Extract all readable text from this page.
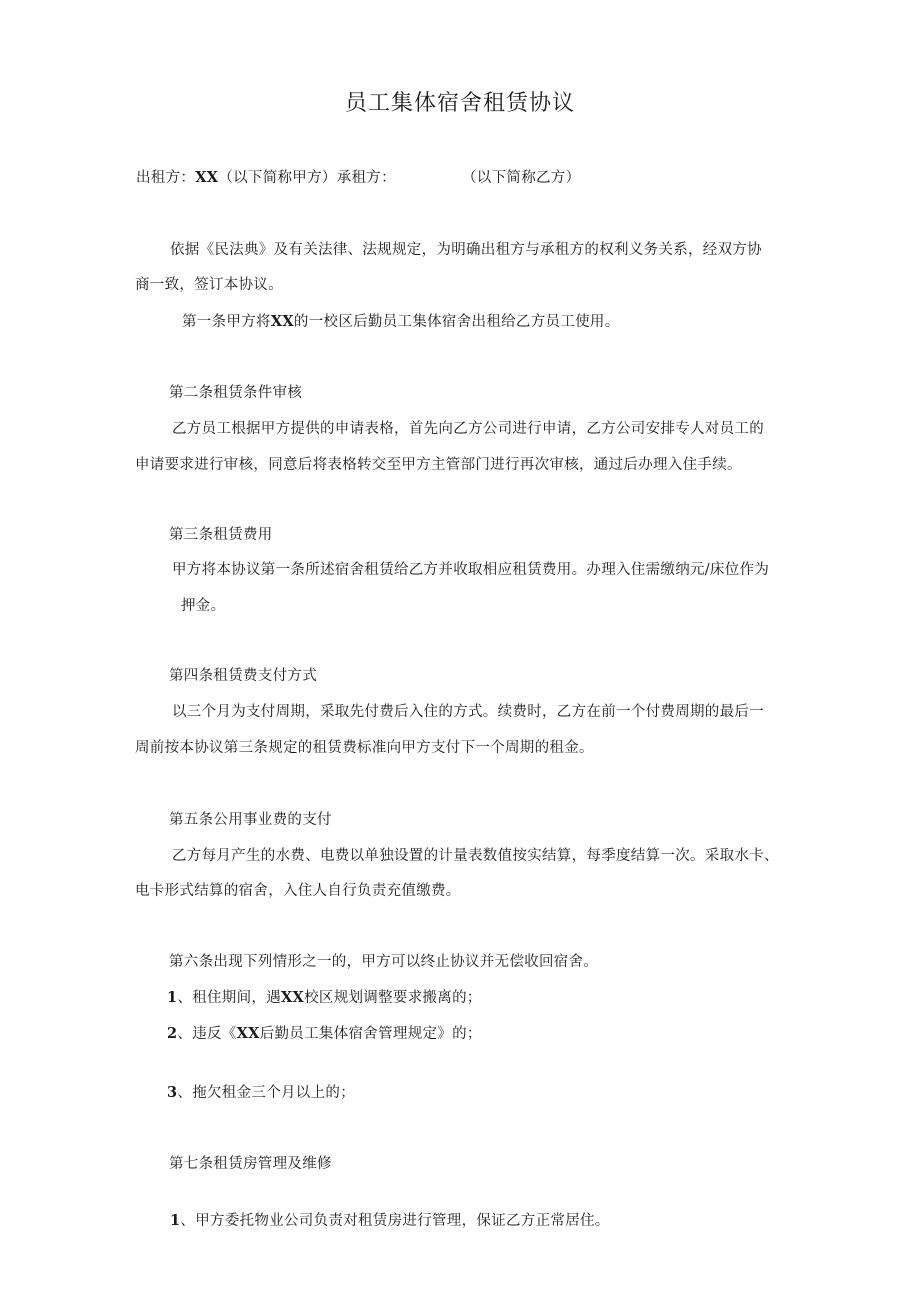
员工集体宿舍租赁协议
出租方：XX（以下简称甲方）承租方：	（以下简称乙方）
依据《民法典》及有关法律、法规规定，为明确出租方与承租方的权利义务关系，经双方协
商一致，签订本协议。
第一条甲方将XX的一校区后勤员工集体宿舍出租给乙方员工使用。
第二条租赁条件审核
乙方员工根据甲方提供的申请表格，首先向乙方公司进行申请，乙方公司安排专人对员工的
申请要求进行审核，同意后将表格转交至甲方主管部门进行再次审核，通过后办理入住手续。
第三条租赁费用
甲方将本协议第一条所述宿舍租赁给乙方并收取相应租赁费用。办理入住需缴纳元/床位作为
押金。
第四条租赁费支付方式
以三个月为支付周期，采取先付费后入住的方式。续费时，乙方在前一个付费周期的最后一
周前按本协议第三条规定的租赁费标准向甲方支付下一个周期的租金。
第五条公用事业费的支付
乙方每月产生的水费、电费以单独设置的计量表数值按实结算，每季度结算一次。采取水卡、
电卡形式结算的宿舍，入住人自行负责充值缴费。
第六条出现下列情形之一的，甲方可以终止协议并无偿收回宿舍。
1、租住期间，遇XX校区规划调整要求搬离的；
2、违反《XX后勤员工集体宿舍管理规定》的；
3、拖欠租金三个月以上的；
第七条租赁房管理及维修
1、甲方委托物业公司负责对租赁房进行管理，保证乙方正常居住。
